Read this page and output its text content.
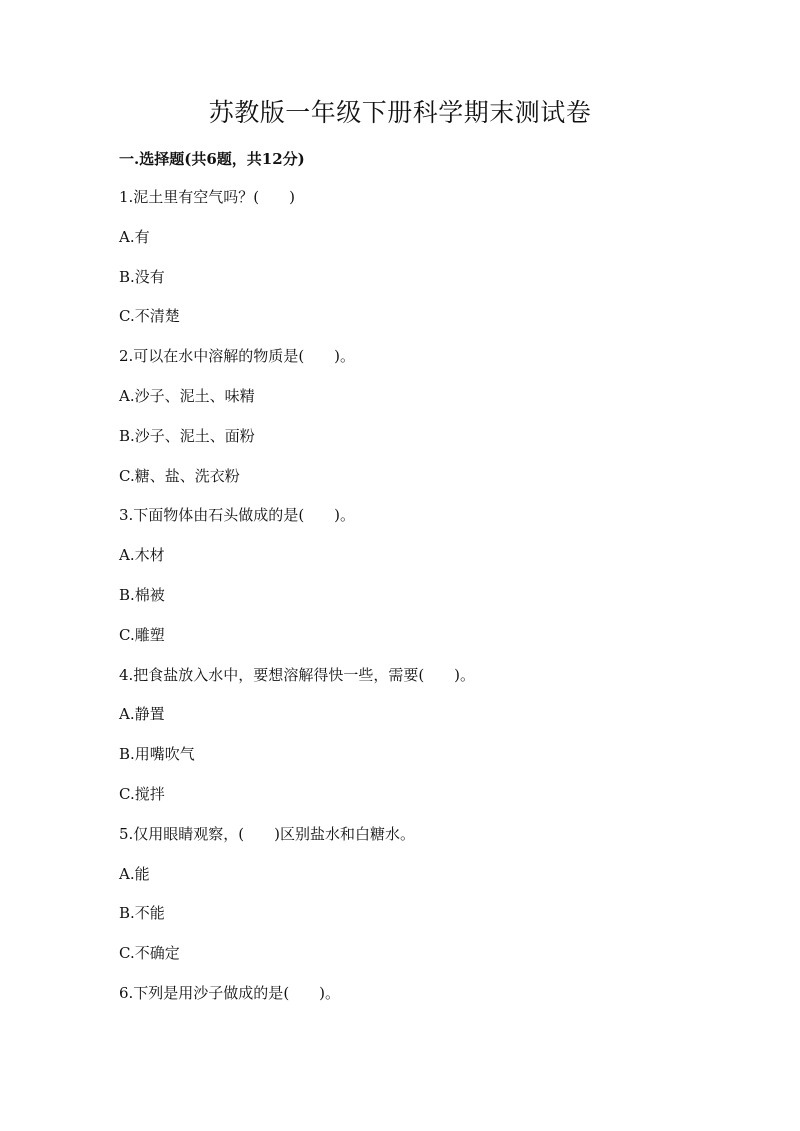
苏教版一年级下册科学期末测试卷
一.选择题(共6题，共12分)
1.泥土里有空气吗？(　　)
A.有
B.没有
C.不清楚
2.可以在水中溶解的物质是(　　)。
A.沙子、泥土、味精
B.沙子、泥土、面粉
C.糖、盐、洗衣粉
3.下面物体由石头做成的是(　　)。
A.木材
B.棉被
C.雕塑
4.把食盐放入水中，要想溶解得快一些，需要(　　)。
A.静置
B.用嘴吹气
C.搅拌
5.仅用眼睛观察，(　　)区别盐水和白糖水。
A.能
B.不能
C.不确定
6.下列是用沙子做成的是(　　)。
